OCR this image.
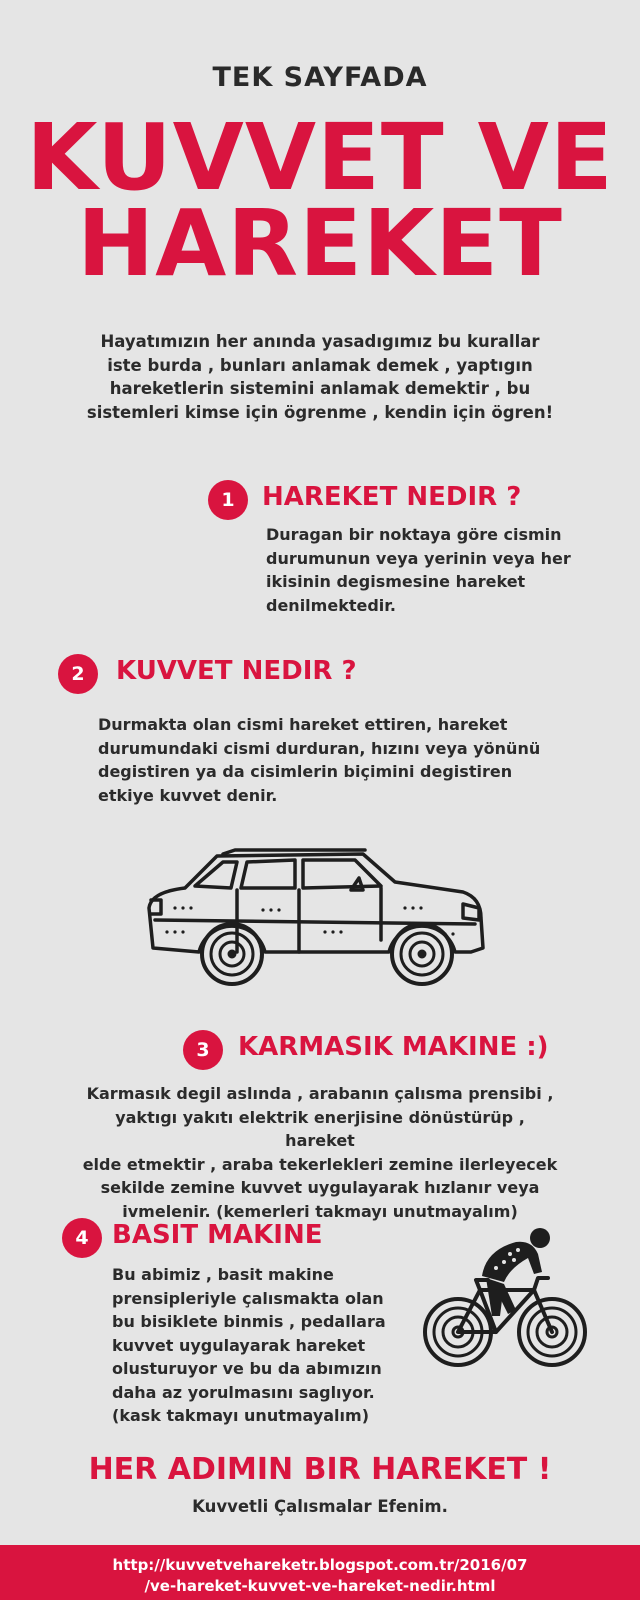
TEK SAYFADA
KUVVET VE
HAREKET
Hayatımızın her anında yasadıgımız bu kurallar
iste burda , bunları anlamak demek , yaptıgın
hareketlerin sistemini anlamak demektir , bu
sistemleri kimse için ögrenme , kendin için ögren!
1	HAREKET NEDIR ?
Duragan bir noktaya göre cismin
durumunun veya yerinin veya her
ikisinin degismesine hareket
denilmektedir.
2	KUVVET NEDIR ?
Durmakta olan cismi hareket ettiren, hareket
durumundaki cismi durduran, hızını veya yönünü
degistiren ya da cisimlerin biçimini degistiren
etkiye kuvvet denir.
3	KARMASIK MAKINE :)
Karmasık degil aslında , arabanın çalısma prensibi ,
yaktıgı yakıtı elektrik enerjisine dönüstürüp , hareket
elde etmektir , araba tekerlekleri zemine ilerleyecek
sekilde zemine kuvvet uygulayarak hızlanır veya
ivmelenir. (kemerleri takmayı unutmayalım)
4 BASIT MAKINE
Bu abimiz , basit makine
prensipleriyle çalısmakta olan
bu bisiklete binmis , pedallara
kuvvet uygulayarak hareket
olusturuyor ve bu da abımızın
daha az yorulmasını saglıyor.
(kask takmayı unutmayalım)
HER ADIMIN BIR HAREKET !
Kuvvetli Çalısmalar Efenim.
http://kuvvetvehareketr.blogspot.com.tr/2016/07
/ve-hareket-kuvvet-ve-hareket-nedir.html
